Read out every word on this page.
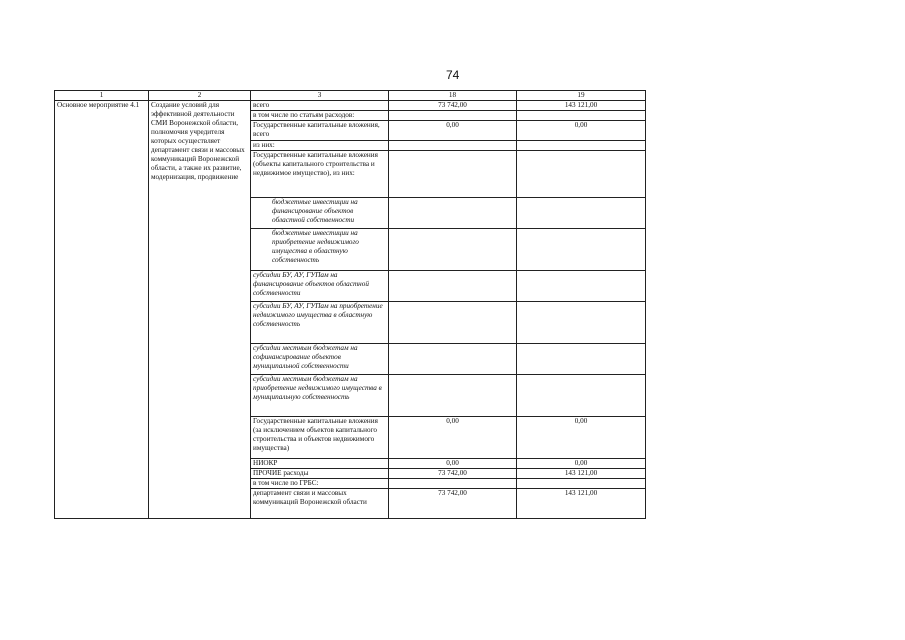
74
1	2	3	18	19
Основное мероприятие 4.1	Создание условий для эффективной деятельности СМИ Воронежской области, полномочия учредителя которых осуществляет департамент связи и массовых коммуникаций Воронежской области, а также их развитие, модернизация, продвижение	всего	73 742,00	143 121,00
		в том числе по статьям расходов:		
		Государственные капитальные вложения, всего	0,00	0,00
		из них:		
		Государственные капитальные вложения (объекты капитального строительства и недвижимое имущество), из них:		
		бюджетные инвестиции на финансирование объектов областной собственности		
		бюджетные инвестиции на приобретение недвижимого имущества в областную собственность		
		субсидии БУ, АУ, ГУПам на финансирование объектов областной собственности		
		субсидии БУ, АУ, ГУПам на приобретение недвижимого имущества в областную собственность		
		субсидии местным бюджетам на софинансирование объектов муниципальной собственности		
		субсидии местным бюджетам на приобретение недвижимого имущества в муниципальную собственность		
		Государственные капитальные вложения (за исключением объектов капитального строительства и объектов недвижимого имущества)	0,00	0,00
		НИОКР	0,00	0,00
		ПРОЧИЕ расходы	73 742,00	143 121,00
		в том числе по ГРБС:		
		департамент связи и массовых коммуникаций Воронежской области	73 742,00	143 121,00
